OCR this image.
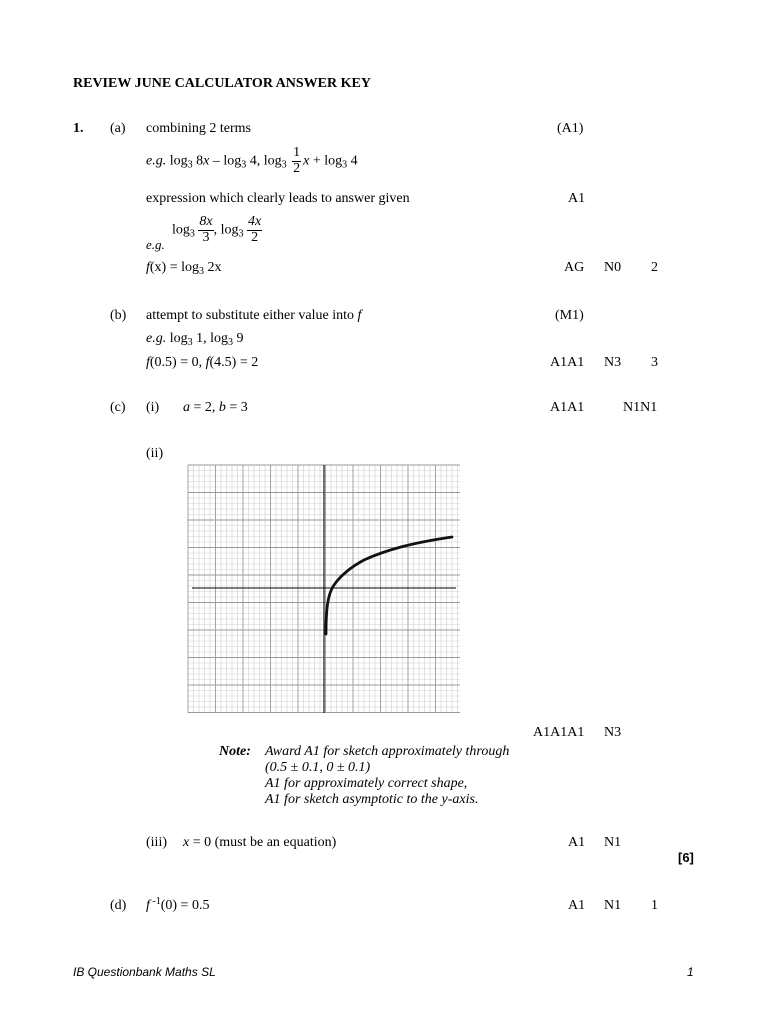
REVIEW JUNE CALCULATOR ANSWER KEY
1. (a) combining 2 terms	(A1)
e.g. $\log_3 8x - \log_3 4$, $\log_3 \frac{1}{2}$ $x + \log_3 4$
expression which clearly leads to answer given	A1
e.g.
$\log_3 \frac{8x}{3}$ , $\log_3 \frac{4x}{2}$
$f(x) = \log_3 2x$	AG N0 2
(b) attempt to substitute either value into f	(M1)
e.g. $\log_3 1$, $\log_3 9$
f(0.5) = 0, f(4.5) = 2	A1A1 N3 3
(c) (i) a = 2, b = 3	A1A1	N1N1
(ii)
A1A1A1 N3
Note: Award A1 for sketch approximately through
(0.5 ± 0.1, 0 ± 0.1)
A1 for approximately correct shape,
A1 for sketch asymptotic to the y-axis.
(iii) x = 0 (must be an equation)	A1 N1
[6]
(d) f $^{-1}$(0) = 0.5	A1 N1 1
IB Questionbank Maths SL	1
